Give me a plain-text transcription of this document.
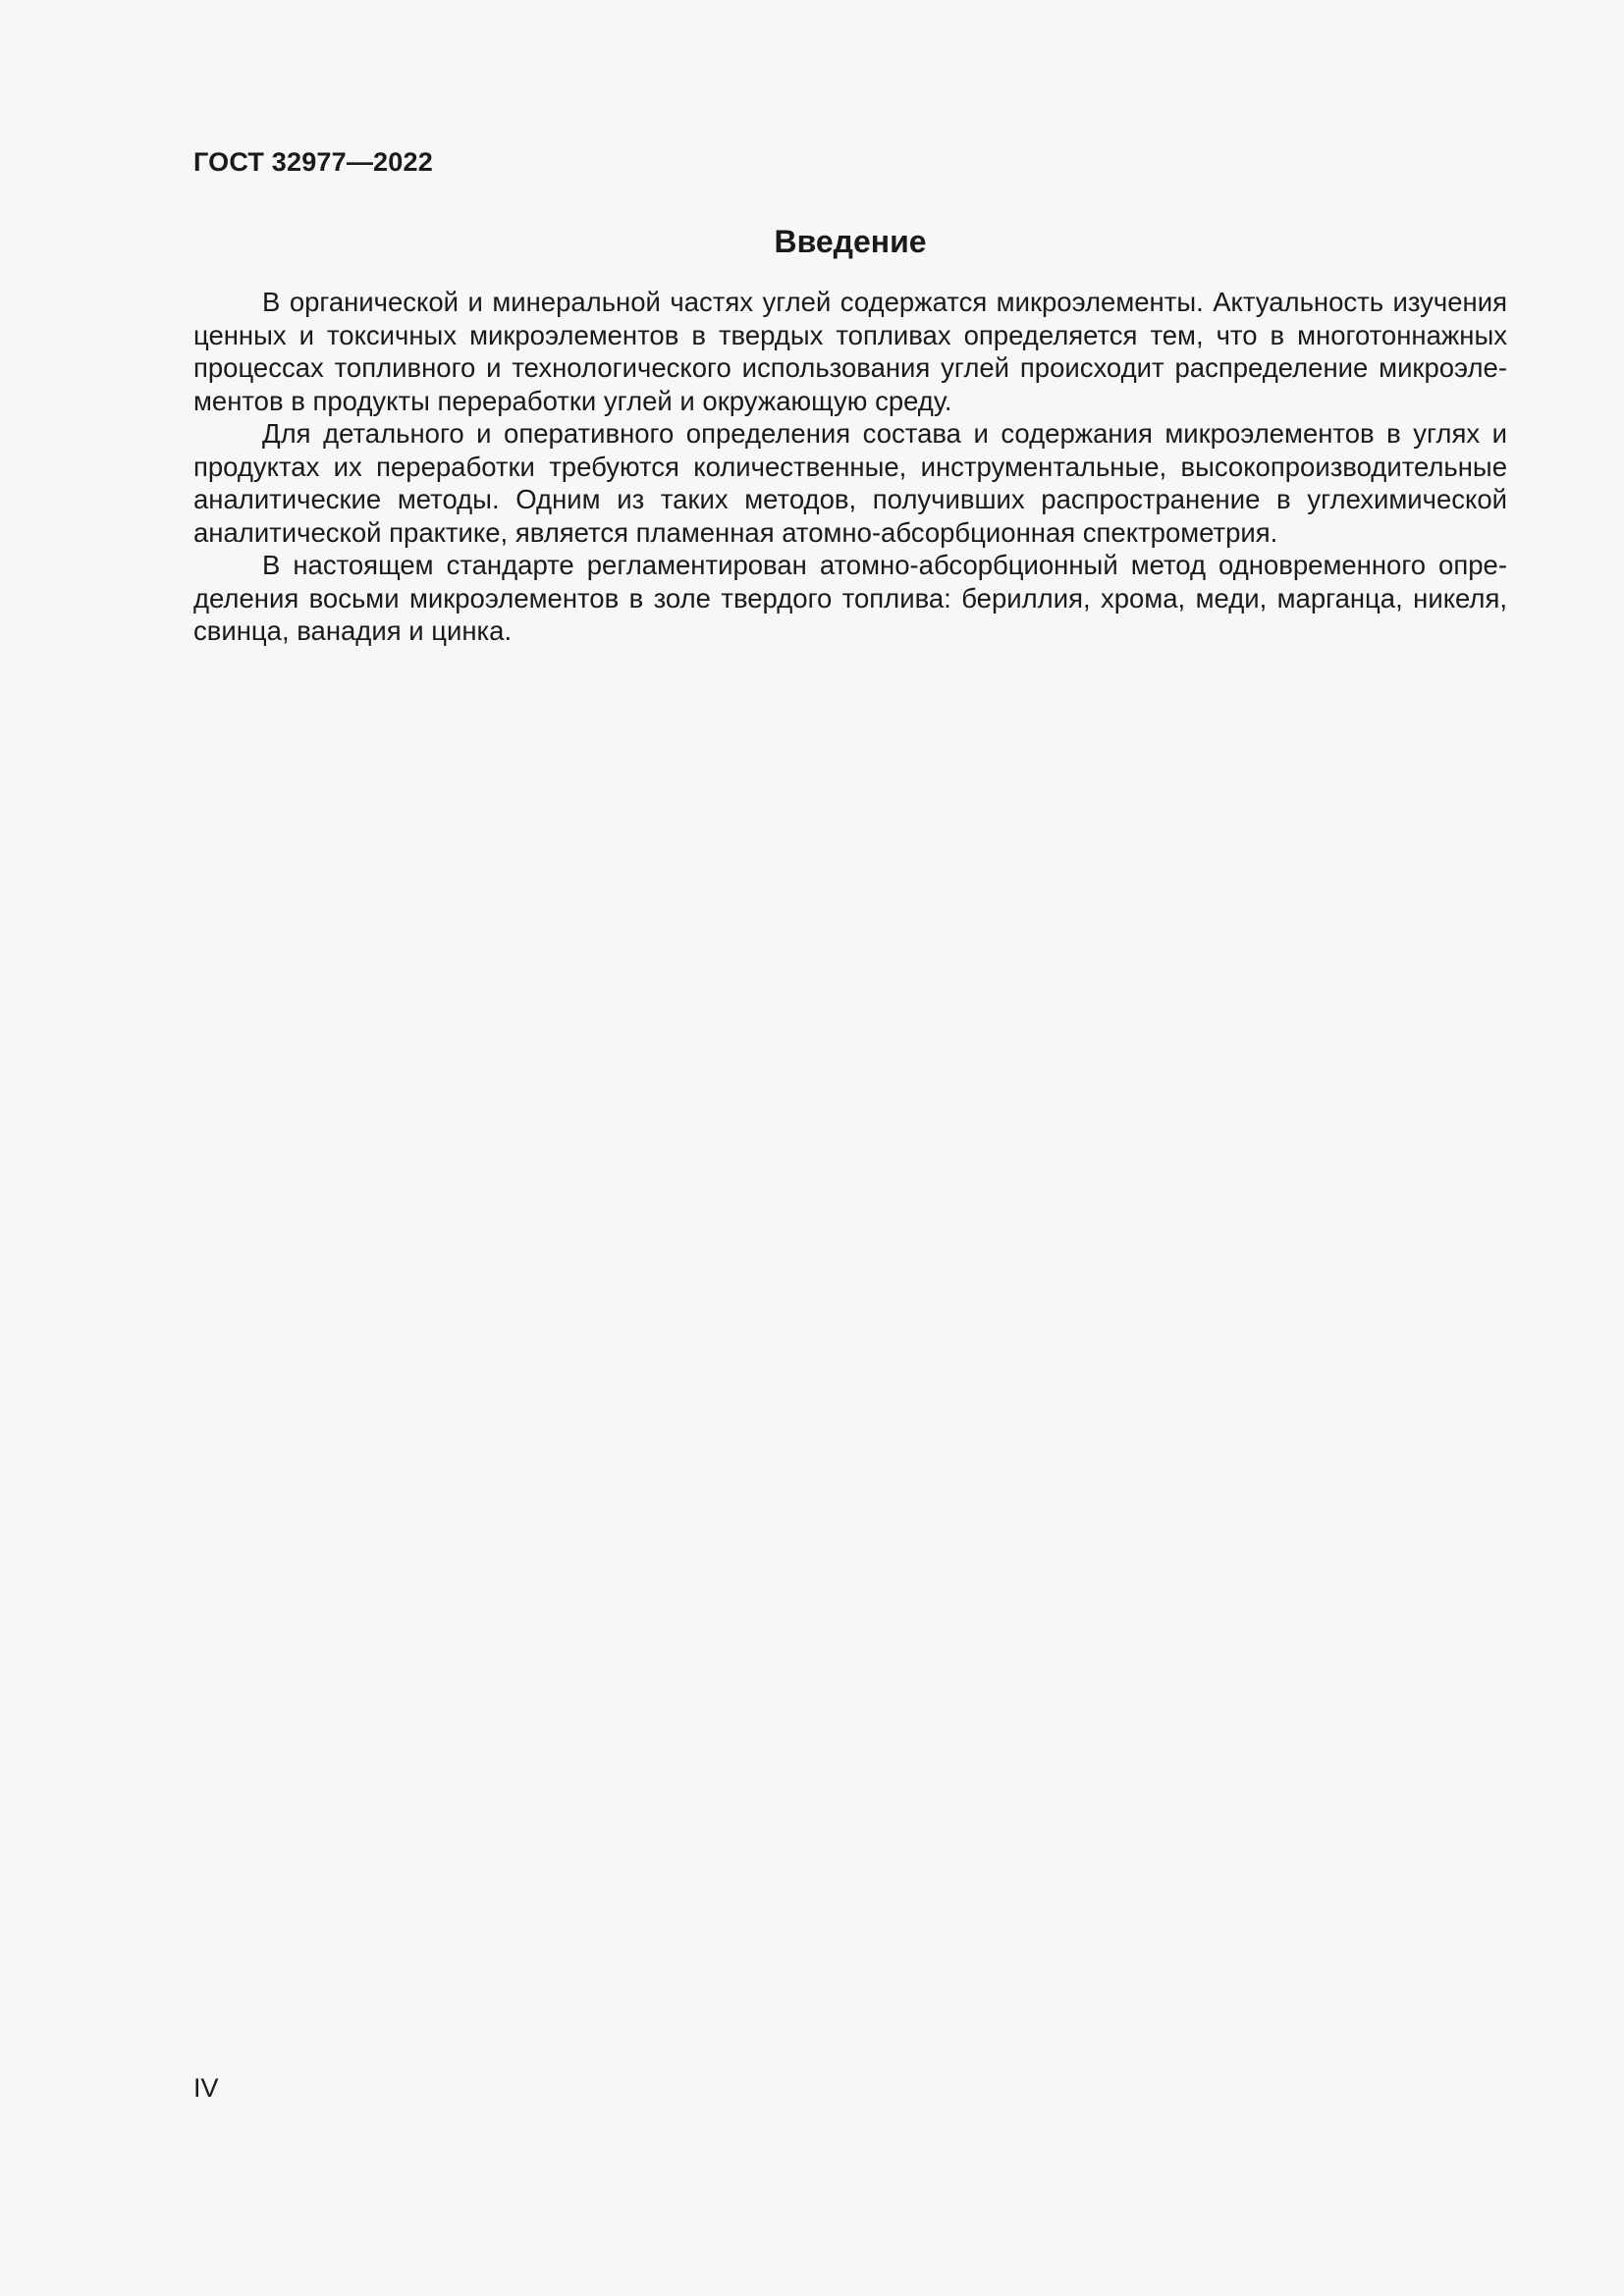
ГОСТ 32977—2022
Введение

В органической и минеральной частях углей содержатся микроэлементы. Актуальность изучения ценных и токсичных микроэлементов в твердых топливах определяется тем, что в многотоннажных процессах топливного и технологического использования углей происходит распределение микроэлементов в продукты переработки углей и окружающую среду.

Для детального и оперативного определения состава и содержания микроэлементов в углях и продуктах их переработки требуются количественные, инструментальные, высокопроизводительные аналитические методы. Одним из таких методов, получивших распространение в углехимической аналитической практике, является пламенная атомно-абсорбционная спектрометрия.

В настоящем стандарте регламентирован атомно-абсорбционный метод одновременного определения восьми микроэлементов в золе твердого топлива: бериллия, хрома, меди, марганца, никеля, свинца, ванадия и цинка.

IV
